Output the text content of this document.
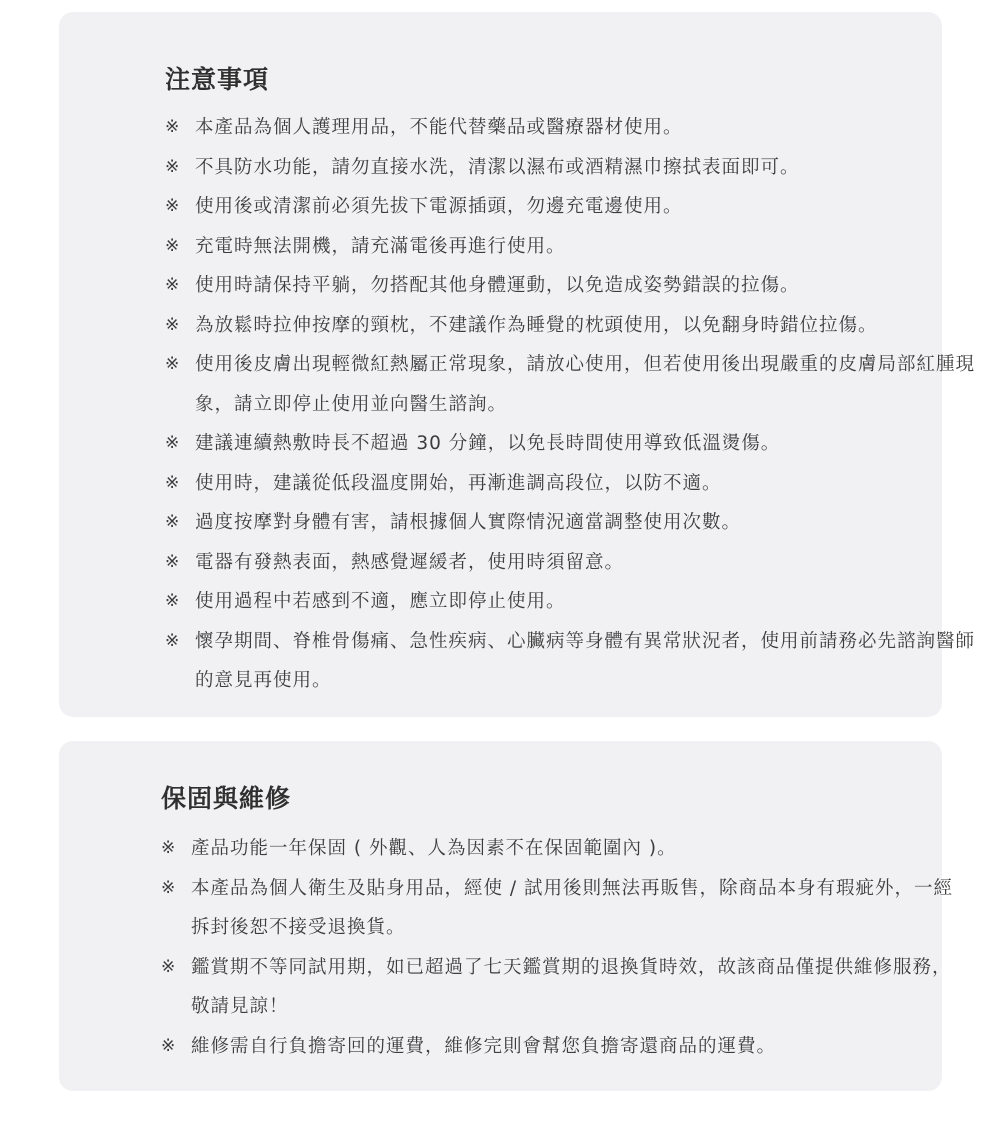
注意事項
※ 本產品為個人護理用品，不能代替藥品或醫療器材使用。
※ 不具防水功能，請勿直接水洗，清潔以濕布或酒精濕巾擦拭表面即可。
※ 使用後或清潔前必須先拔下電源插頭，勿邊充電邊使用。
※ 充電時無法開機，請充滿電後再進行使用。
※ 使用時請保持平躺，勿搭配其他身體運動，以免造成姿勢錯誤的拉傷。
※ 為放鬆時拉伸按摩的頸枕，不建議作為睡覺的枕頭使用，以免翻身時錯位拉傷。
※ 使用後皮膚出現輕微紅熱屬正常現象，請放心使用，但若使用後出現嚴重的皮膚局部紅腫現象，請立即停止使用並向醫生諮詢。
※ 建議連續熱敷時長不超過 30 分鐘，以免長時間使用導致低溫燙傷。
※ 使用時，建議從低段溫度開始，再漸進調高段位，以防不適。
※ 過度按摩對身體有害，請根據個人實際情況適當調整使用次數。
※ 電器有發熱表面，熱感覺遲緩者，使用時須留意。
※ 使用過程中若感到不適，應立即停止使用。
※ 懷孕期間、脊椎骨傷痛、急性疾病、心臟病等身體有異常狀況者，使用前請務必先諮詢醫師的意見再使用。
保固與維修
※ 產品功能一年保固 ( 外觀、人為因素不在保固範圍內 )。
※ 本產品為個人衛生及貼身用品，經使 / 試用後則無法再販售，除商品本身有瑕疵外，一經拆封後恕不接受退換貨。
※ 鑑賞期不等同試用期，如已超過了七天鑑賞期的退換貨時效，故該商品僅提供維修服務，敬請見諒！
※ 維修需自行負擔寄回的運費，維修完則會幫您負擔寄還商品的運費。
